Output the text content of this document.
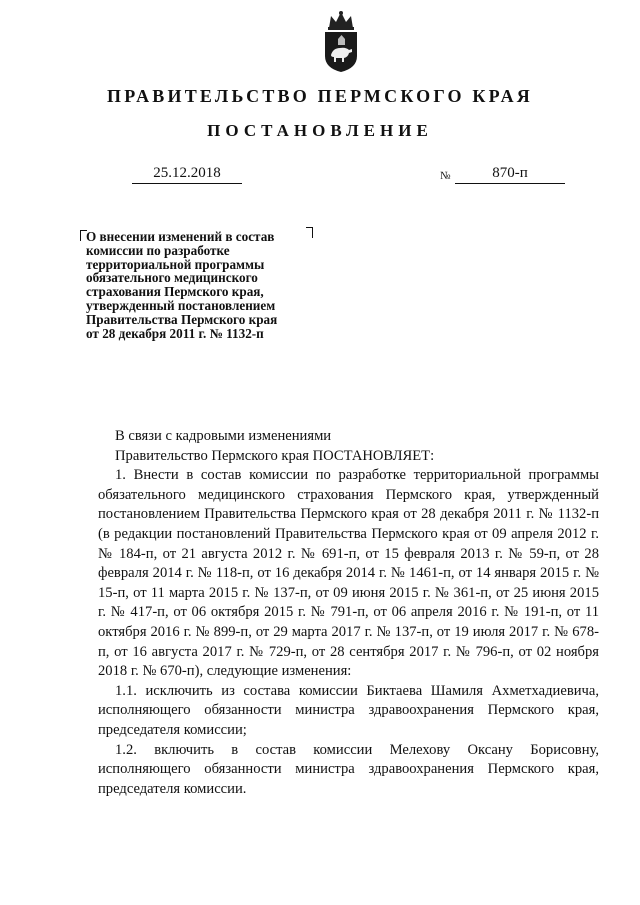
ПРАВИТЕЛЬСТВО ПЕРМСКОГО КРАЯ
ПОСТАНОВЛЕНИЕ
25.12.2018	№	870-п
О внесении изменений в состав
комиссии по разработке
территориальной программы
обязательного медицинского
страхования Пермского края,
утвержденный постановлением
Правительства Пермского края
от 28 декабря 2011 г. № 1132-п

В связи с кадровыми изменениями

Правительство Пермского края ПОСТАНОВЛЯЕТ:

1. Внести в состав комиссии по разработке территориальной программы обязательного медицинского страхования Пермского края, утвержденный постановлением Правительства Пермского края от 28 декабря 2011 г. № 1132-п (в редакции постановлений Правительства Пермского края от 09 апреля 2012 г. № 184-п, от 21 августа 2012 г. № 691-п, от 15 февраля 2013 г. № 59-п, от 28 февраля 2014 г. № 118-п, от 16 декабря 2014 г. № 1461-п, от 14 января 2015 г. № 15-п, от 11 марта 2015 г. № 137-п, от 09 июня 2015 г. № 361-п, от 25 июня 2015 г. № 417-п, от 06 октября 2015 г. № 791-п, от 06 апреля 2016 г. № 191-п, от 11 октября 2016 г. № 899-п, от 29 марта 2017 г. № 137-п, от 19 июля 2017 г. № 678-п, от 16 августа 2017 г. № 729-п, от 28 сентября 2017 г. № 796-п, от 02 ноября 2018 г. № 670-п), следующие изменения:

1.1. исключить из состава комиссии Биктаева Шамиля Ахметхадиевича, исполняющего обязанности министра здравоохранения Пермского края, председателя комиссии;

1.2. включить в состав комиссии Мелехову Оксану Борисовну, исполняющего обязанности министра здравоохранения Пермского края, председателя комиссии.
